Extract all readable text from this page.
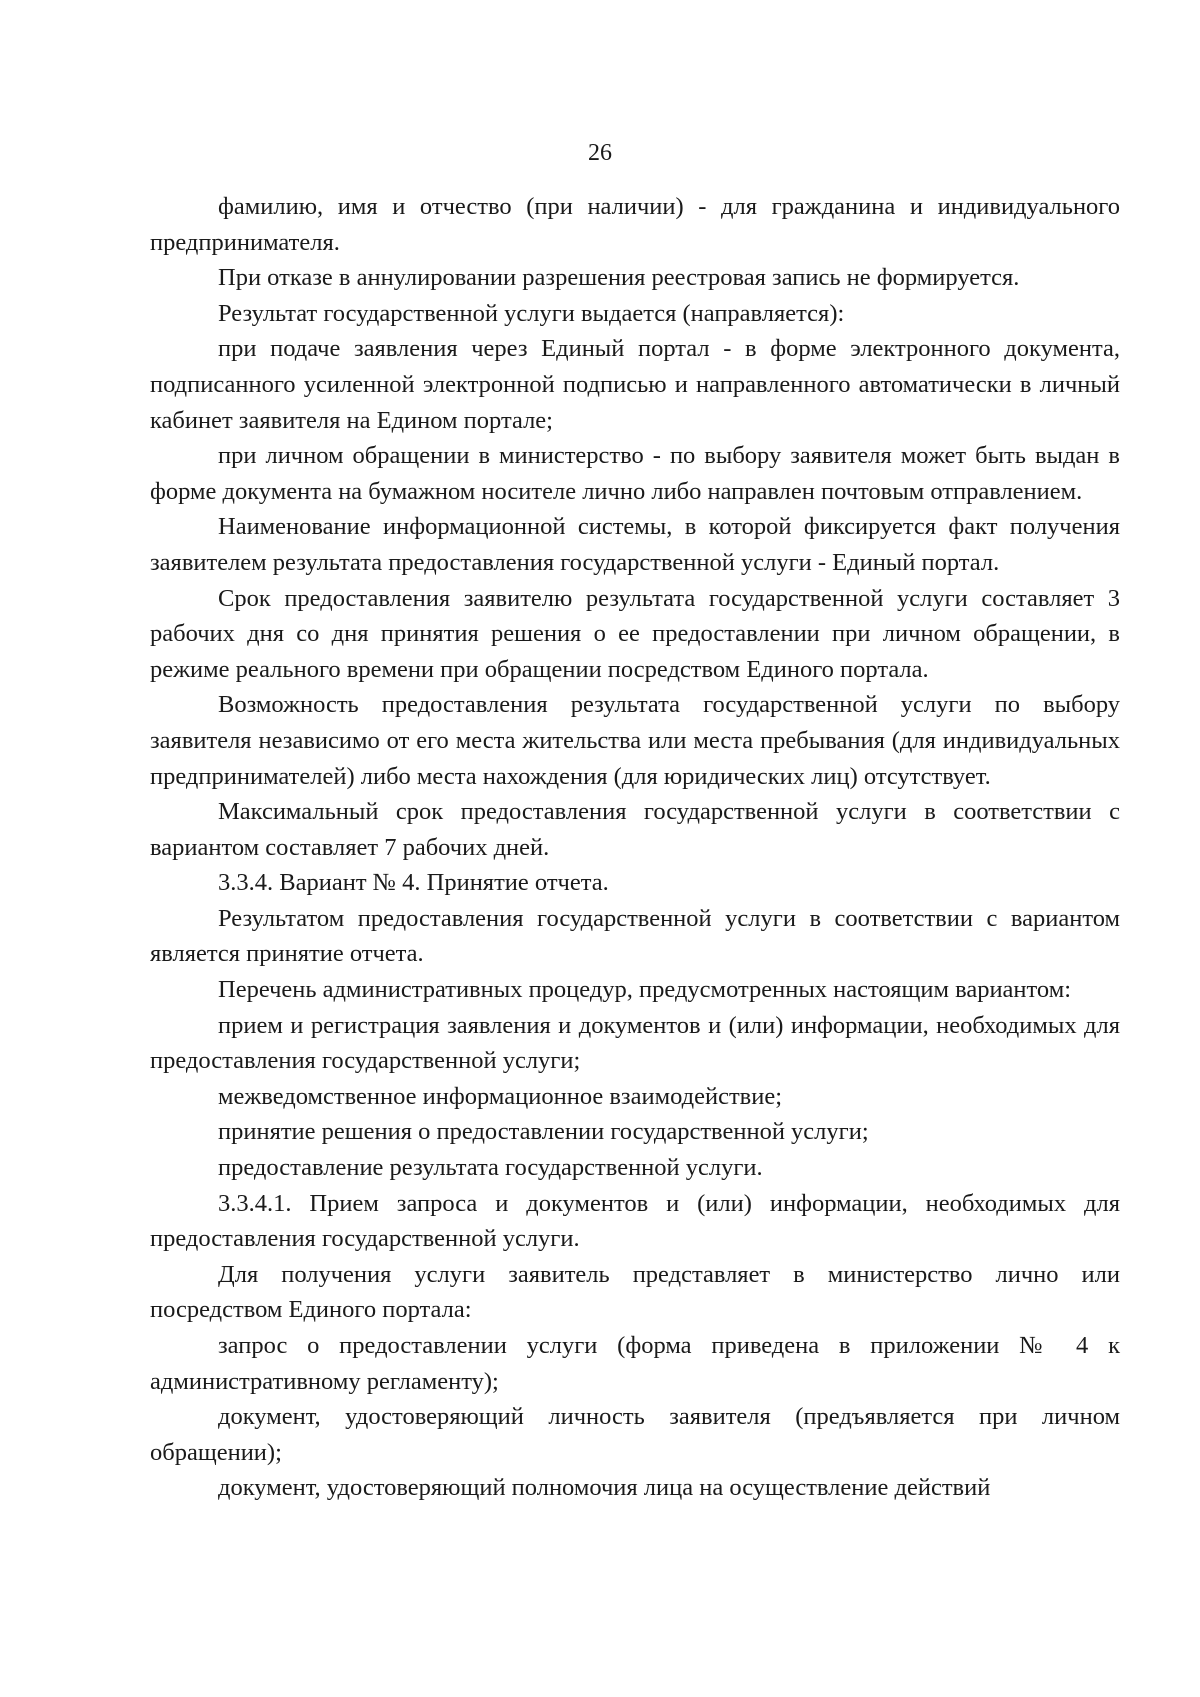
26

фамилию, имя и отчество (при наличии) - для гражданина и индивидуального предпринимателя.

При отказе в аннулировании разрешения реестровая запись не формируется.

Результат государственной услуги выдается (направляется):

при подаче заявления через Единый портал - в форме электронного документа, подписанного усиленной электронной подписью и направленного автоматически в личный кабинет заявителя на Едином портале;

при личном обращении в министерство - по выбору заявителя может быть выдан в форме документа на бумажном носителе лично либо направлен почтовым отправлением.

Наименование информационной системы, в которой фиксируется факт получения заявителем результата предоставления государственной услуги - Единый портал.

Срок предоставления заявителю результата государственной услуги составляет 3 рабочих дня со дня принятия решения о ее предоставлении при личном обращении, в режиме реального времени при обращении посредством Единого портала.

Возможность предоставления результата государственной услуги по выбору заявителя независимо от его места жительства или места пребывания (для индивидуальных предпринимателей) либо места нахождения (для юридических лиц) отсутствует.

Максимальный срок предоставления государственной услуги в соответствии с вариантом составляет 7 рабочих дней.

3.3.4. Вариант № 4. Принятие отчета.

Результатом предоставления государственной услуги в соответствии с вариантом является принятие отчета.

Перечень административных процедур, предусмотренных настоящим вариантом:

прием и регистрация заявления и документов и (или) информации, необходимых для предоставления государственной услуги;

межведомственное информационное взаимодействие;

принятие решения о предоставлении государственной услуги;

предоставление результата государственной услуги.

3.3.4.1. Прием запроса и документов и (или) информации, необходимых для предоставления государственной услуги.

Для получения услуги заявитель представляет в министерство лично или посредством Единого портала:

запрос о предоставлении услуги (форма приведена в приложении № 4 к административному регламенту);

документ, удостоверяющий личность заявителя (предъявляется при личном обращении);

документ, удостоверяющий полномочия лица на осуществление действий
